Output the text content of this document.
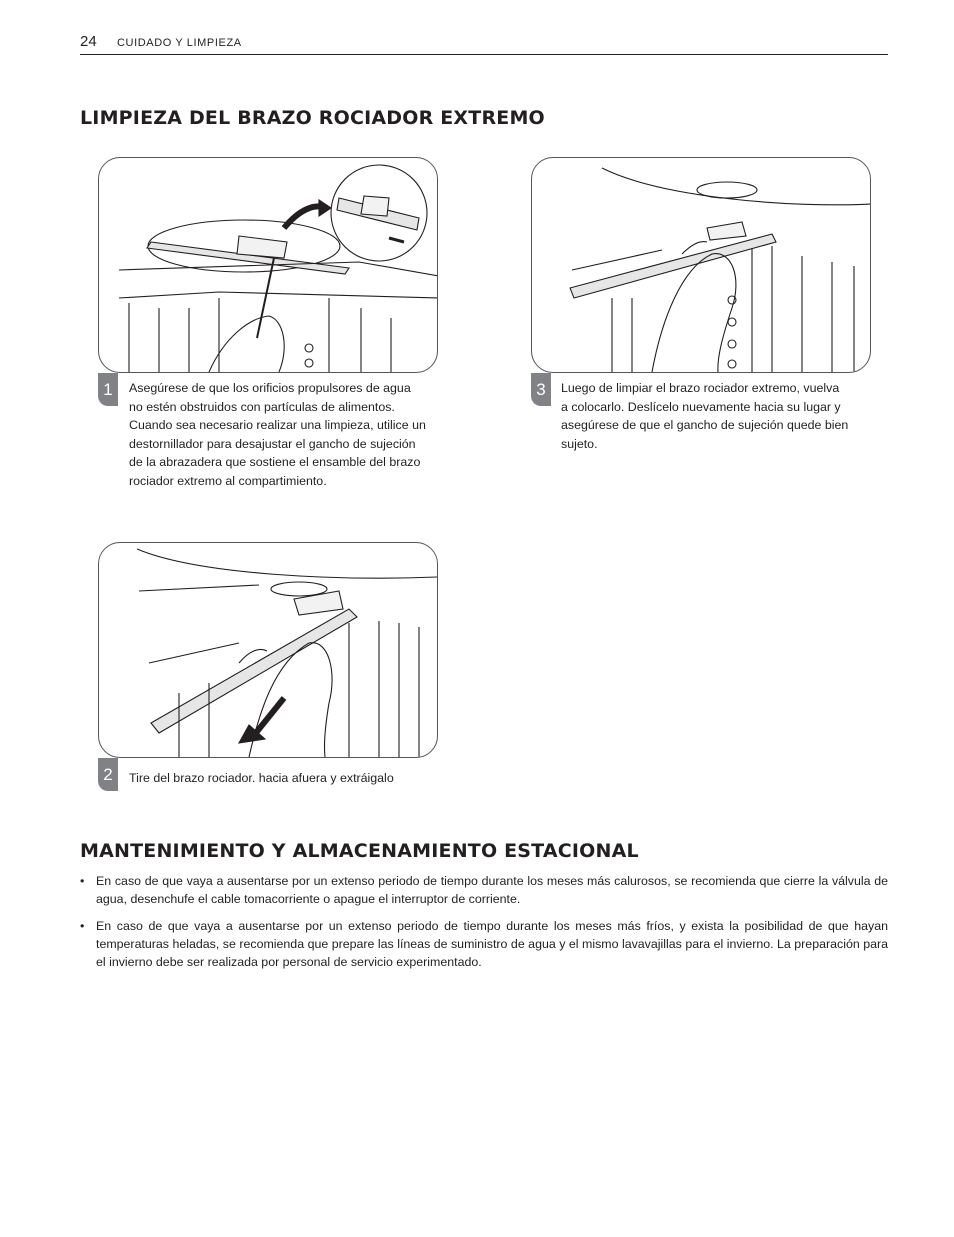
24 CUIDADO Y LIMPIEZA
LIMPIEZA DEL BRAZO ROCIADOR EXTREMO
1	Asegúrese de que los orificios propulsores de agua
no estén obstruidos con partículas de alimentos.
Cuando sea necesario realizar una limpieza, utilice un
destornillador para desajustar el gancho de sujeción
de la abrazadera que sostiene el ensamble del brazo
rociador extremo al compartimiento.
3	Luego de limpiar el brazo rociador extremo, vuelva
a colocarlo. Deslícelo nuevamente hacia su lugar y
asegúrese de que el gancho de sujeción quede bien
sujeto.
2	Tire del brazo rociador. hacia afuera y extráigalo
MANTENIMIENTO Y ALMACENAMIENTO ESTACIONAL
• En caso de que vaya a ausentarse por un extenso periodo de tiempo durante los meses más calurosos, se recomienda que cierre la válvula de agua, desenchufe el cable tomacorriente o apague el interruptor de corriente.
• En caso de que vaya a ausentarse por un extenso periodo de tiempo durante los meses más fríos, y exista la posibilidad de que hayan temperaturas heladas, se recomienda que prepare las líneas de suministro de agua y el mismo lavavajillas para el invierno. La preparación para el invierno debe ser realizada por personal de servicio experimentado.
